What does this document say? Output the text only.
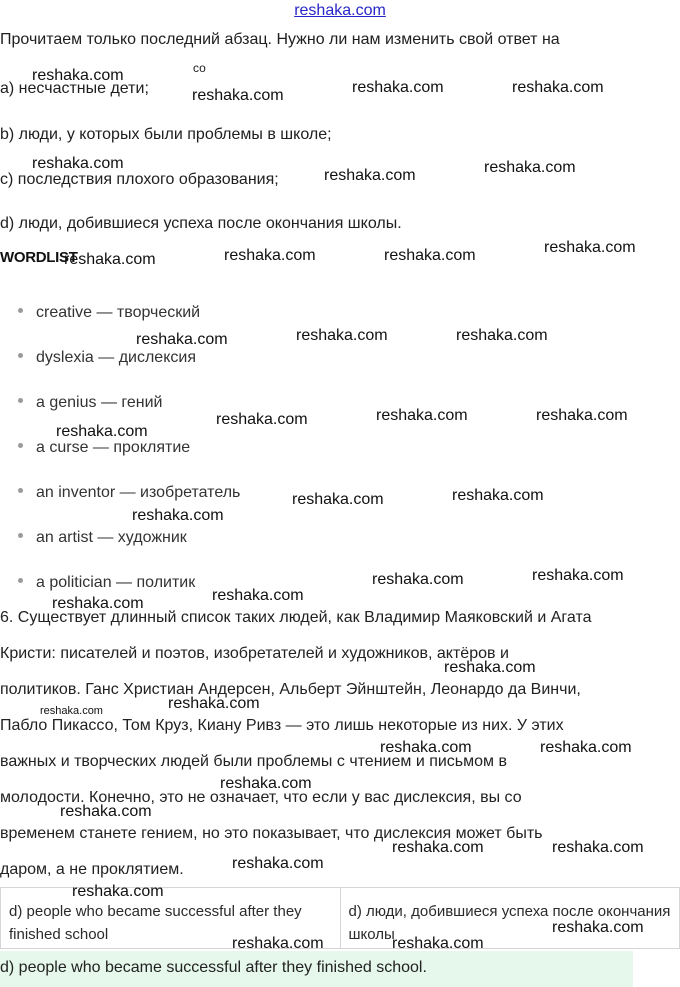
reshaka.com

Прочитаем только последний абзац. Нужно ли нам изменить свой ответ на

со

a) несчастные дети;

b) люди, у которых были проблемы в школе;

c) последствия плохого образования;

d) люди, добившиеся успеха после окончания школы.

WORDLIST
creative — творческий
dyslexia — дислексия
a genius — гений
a curse — проклятие
an inventor — изобретатель
an artist — художник
a politician — политик
6. Существует длинный список таких людей, как Владимир Маяковский и Агата
Кристи: писателей и поэтов, изобретателей и художников, актёров и
политиков. Ганс Христиан Андерсен, Альберт Эйнштейн, Леонардо да Винчи,
Пабло Пикассо, Том Круз, Киану Ривз — это лишь некоторые из них. У этих
важных и творческих людей были проблемы с чтением и письмом в
молодости. Конечно, это не означает, что если у вас дислексия, вы со
временем станете гением, но это показывает, что дислексия может быть
даром, а не проклятием.
d) people who became successful after they finished school	d) люди, добившиеся успеха после окончания школы
d) people who became successful after they finished school.
reshaka.com
reshaka.com	reshaka.com	reshaka.com
reshaka.com
reshaka.com	reshaka.com
reshaka.com	reshaka.com	reshaka.com	reshaka.com
reshaka.com	reshaka.com	reshaka.com
reshaka.com	reshaka.com	reshaka.com
reshaka.com
reshaka.com	reshaka.com
reshaka.com
reshaka.com	reshaka.com
reshaka.com
reshaka.com
reshaka.com
reshaka.com
reshaka.com
reshaka.com	reshaka.com
reshaka.com
reshaka.com
reshaka.com	reshaka.com
reshaka.com
reshaka.com
reshaka.com
reshaka.com	reshaka.com
